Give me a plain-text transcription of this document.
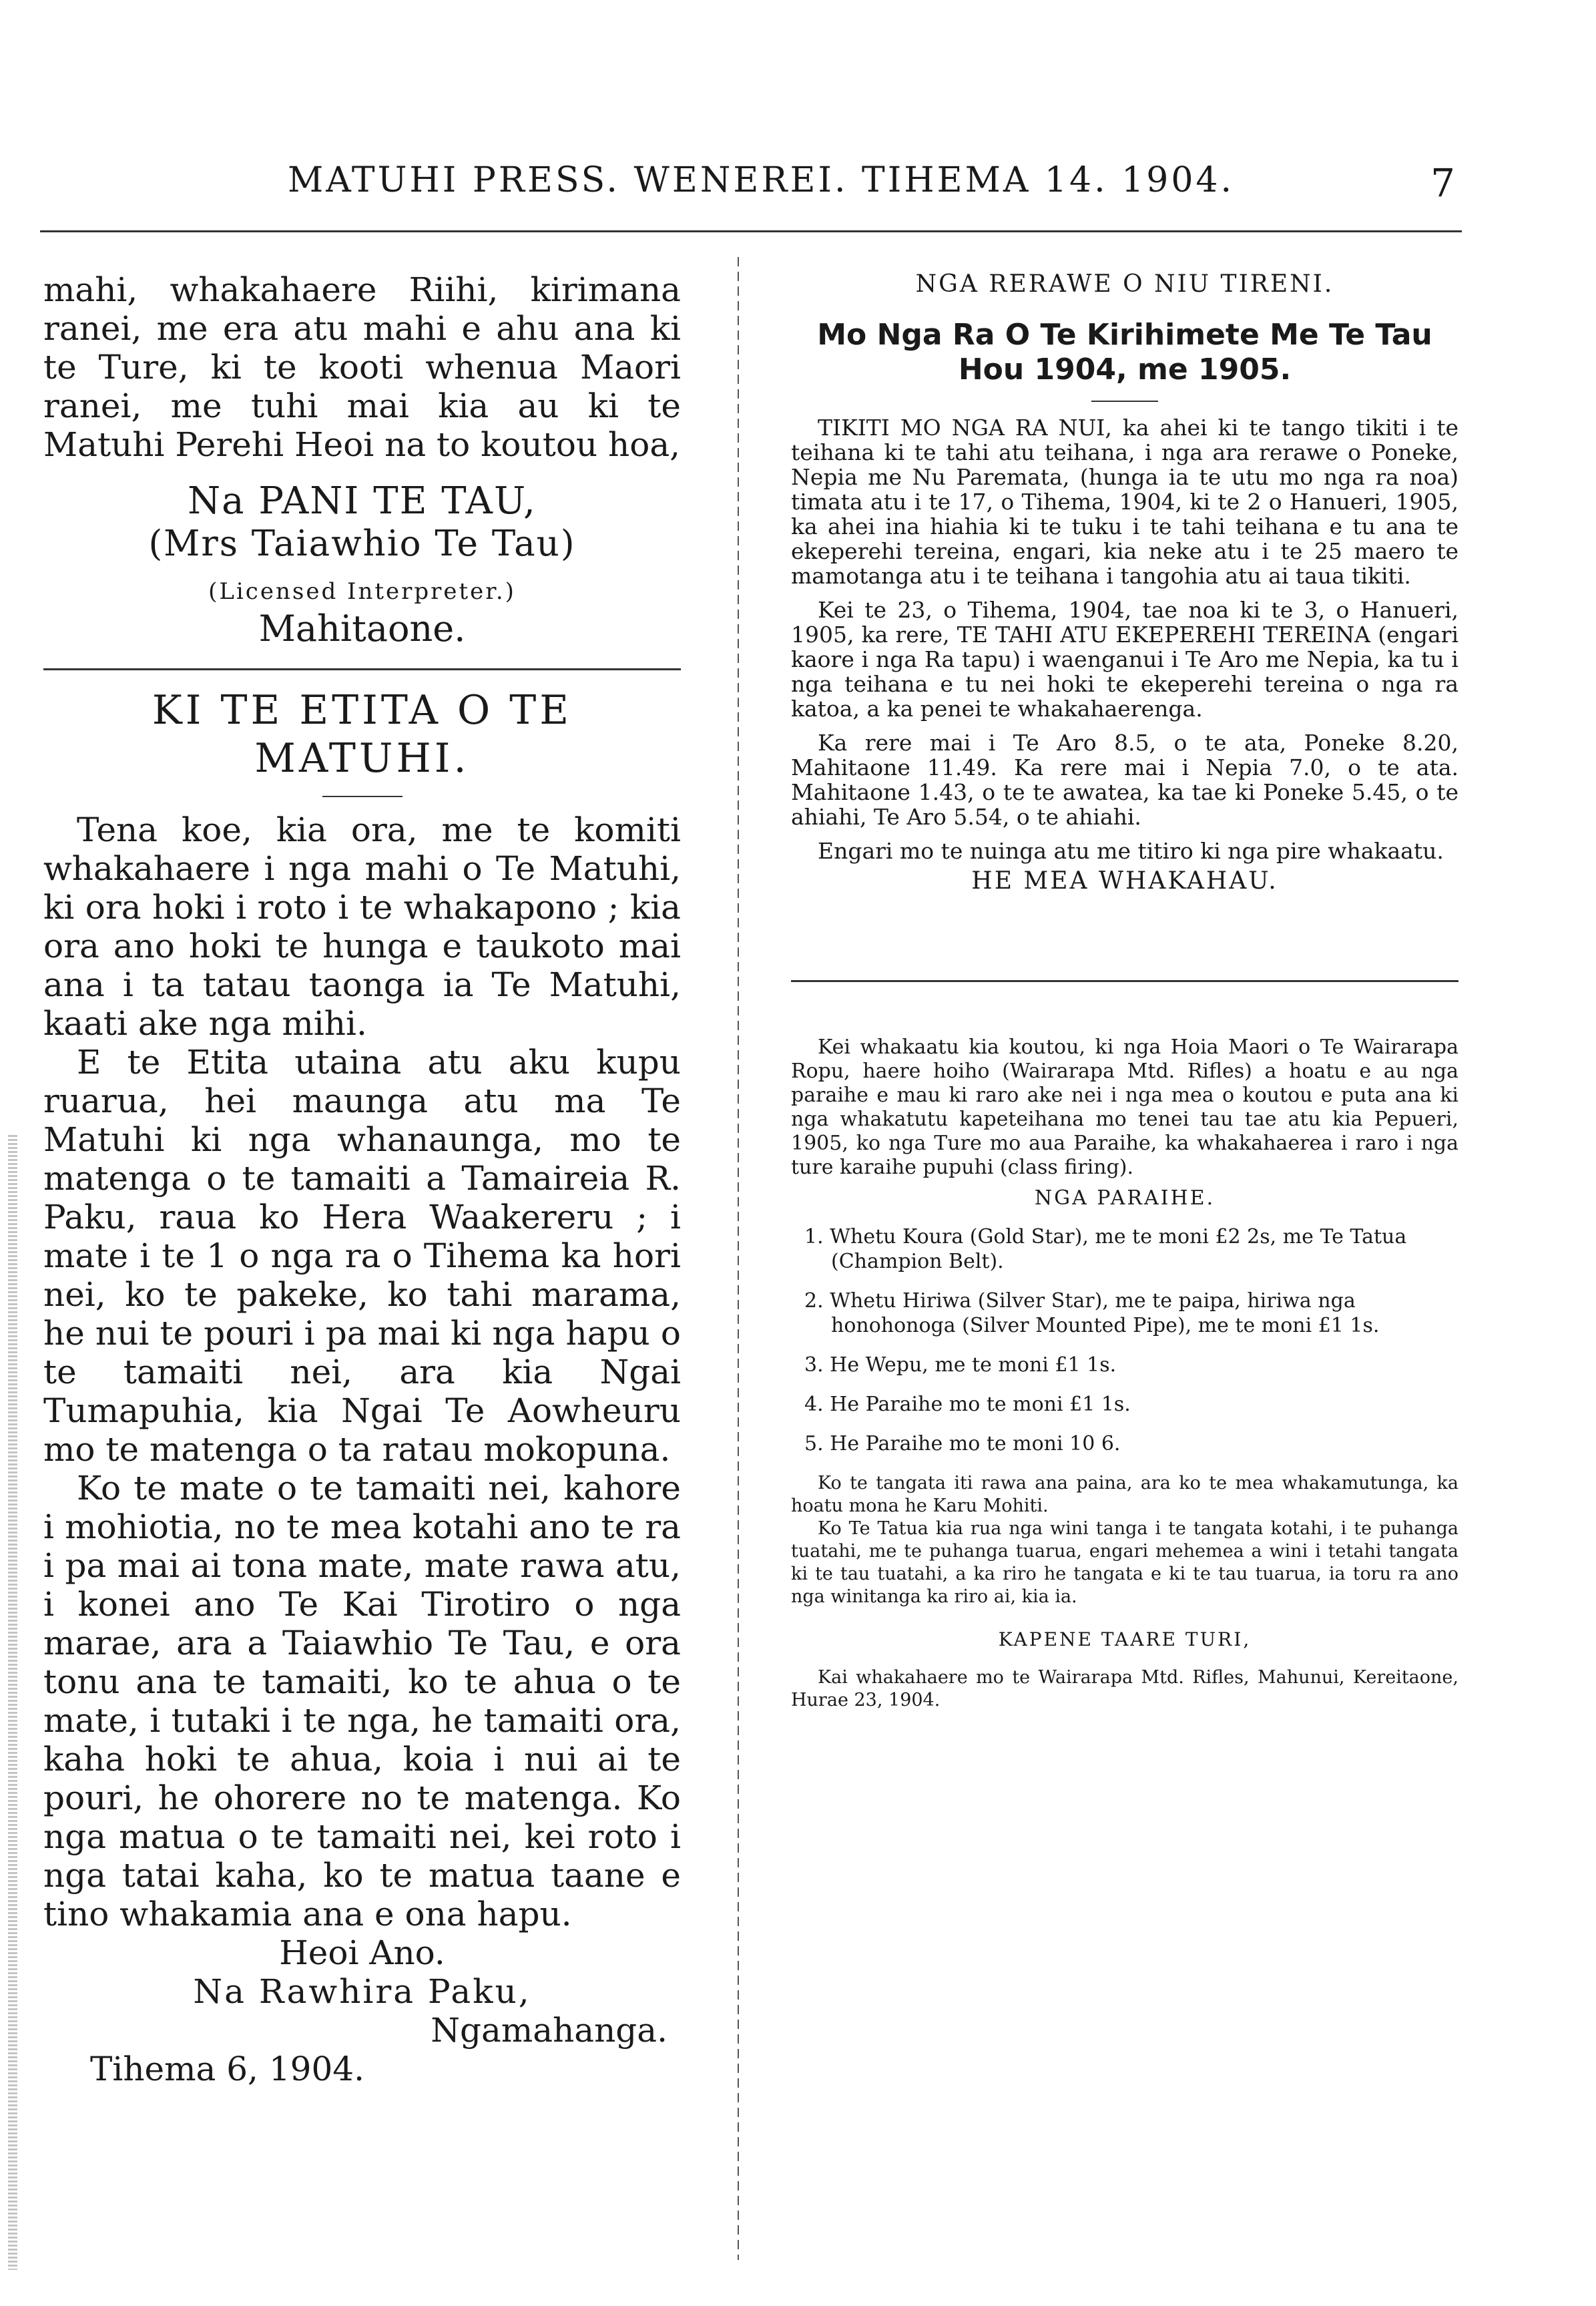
MATUHI PRESS. WENEREI. TIHEMA 14. 1904.	7

mahi, whakahaere Riihi, kirimana ranei, me era atu mahi e ahu ana ki te Ture, ki te kooti whenua Maori ranei, me tuhi mai kia au ki te Matuhi Perehi Heoi na to koutou hoa,

Na PANI TE TAU,
(Mrs Taiawhio Te Tau)
(Licensed Interpreter.)
Mahitaone.
KI TE ETITA O TE MATUHI.

Tena koe, kia ora, me te komiti whakahaere i nga mahi o Te Matuhi, ki ora hoki i roto i te whakapono ; kia ora ano hoki te hunga e taukoto mai ana i ta tatau taonga ia Te Matuhi, kaati ake nga mihi.

E te Etita utaina atu aku kupu ruarua, hei maunga atu ma Te Matuhi ki nga whanaunga, mo te matenga o te tamaiti a Tamaireia R. Paku, raua ko Hera Waakereru ; i mate i te 1 o nga ra o Tihema ka hori nei, ko te pakeke, ko tahi marama, he nui te pouri i pa mai ki nga hapu o te tamaiti nei, ara kia Ngai Tumapuhia, kia Ngai Te Aowheuru mo te matenga o ta ratau mokopuna.

Ko te mate o te tamaiti nei, kahore i mohiotia, no te mea kotahi ano te ra i pa mai ai tona mate, mate rawa atu, i konei ano Te Kai Tirotiro o nga marae, ara a Taiawhio Te Tau, e ora tonu ana te tamaiti, ko te ahua o te mate, i tutaki i te nga, he tamaiti ora, kaha hoki te ahua, koia i nui ai te pouri, he ohorere no te matenga. Ko nga matua o te tamaiti nei, kei roto i nga tatai kaha, ko te matua taane e tino whakamia ana e ona hapu.

Heoi Ano.
Na Rawhira Paku,
Ngamahanga.
Tihema 6, 1904.
NGA RERAWE O NIU TIRENI.
Mo Nga Ra O Te Kirihimete Me Te Tau Hou 1904, me 1905.

TIKITI MO NGA RA NUI, ka ahei ki te tango tikiti i te teihana ki te tahi atu teihana, i nga ara rerawe o Poneke, Nepia me Nu Paremata, (hunga ia te utu mo nga ra noa) timata atu i te 17, o Tihema, 1904, ki te 2 o Hanueri, 1905, ka ahei ina hiahia ki te tuku i te tahi teihana e tu ana te ekeperehi tereina, engari, kia neke atu i te 25 maero te mamotanga atu i te teihana i tangohia atu ai taua tikiti.

Kei te 23, o Tihema, 1904, tae noa ki te 3, o Hanueri, 1905, ka rere, TE TAHI ATU EKEPEREHI TEREINA (engari kaore i nga Ra tapu) i waenganui i Te Aro me Nepia, ka tu i nga teihana e tu nei hoki te ekeperehi tereina o nga ra katoa, a ka penei te whakahaerenga.

Ka rere mai i Te Aro 8.5, o te ata, Poneke 8.20, Mahitaone 11.49. Ka rere mai i Nepia 7.0, o te ata. Mahitaone 1.43, o te te awatea, ka tae ki Poneke 5.45, o te ahiahi, Te Aro 5.54, o te ahiahi.

Engari mo te nuinga atu me titiro ki nga pire whakaatu.

HE MEA WHAKAHAU.

Kei whakaatu kia koutou, ki nga Hoia Maori o Te Wairarapa Ropu, haere hoiho (Wairarapa Mtd. Rifles) a hoatu e au nga paraihe e mau ki raro ake nei i nga mea o koutou e puta ana ki nga whakatutu kapeteihana mo tenei tau tae atu kia Pepueri, 1905, ko nga Ture mo aua Paraihe, ka whakahaerea i raro i nga ture karaihe pupuhi (class firing).

NGA PARAIHE.
1. Whetu Koura (Gold Star), me te moni £2 2s, me Te Tatua (Champion Belt).
2. Whetu Hiriwa (Silver Star), me te paipa, hiriwa nga honohonoga (Silver Mounted Pipe), me te moni £1 1s.
3. He Wepu, me te moni £1 1s.
4. He Paraihe mo te moni £1 1s.
5. He Paraihe mo te moni 10 6.

Ko te tangata iti rawa ana paina, ara ko te mea whakamutunga, ka hoatu mona he Karu Mohiti.

Ko Te Tatua kia rua nga wini tanga i te tangata kotahi, i te puhanga tuatahi, me te puhanga tuarua, engari mehemea a wini i tetahi tangata ki te tau tuatahi, a ka riro he tangata e ki te tau tuarua, ia toru ra ano nga winitanga ka riro ai, kia ia.

KAPENE TAARE TURI,

Kai whakahaere mo te Wairarapa Mtd. Rifles, Mahunui, Kereitaone, Hurae 23, 1904.
